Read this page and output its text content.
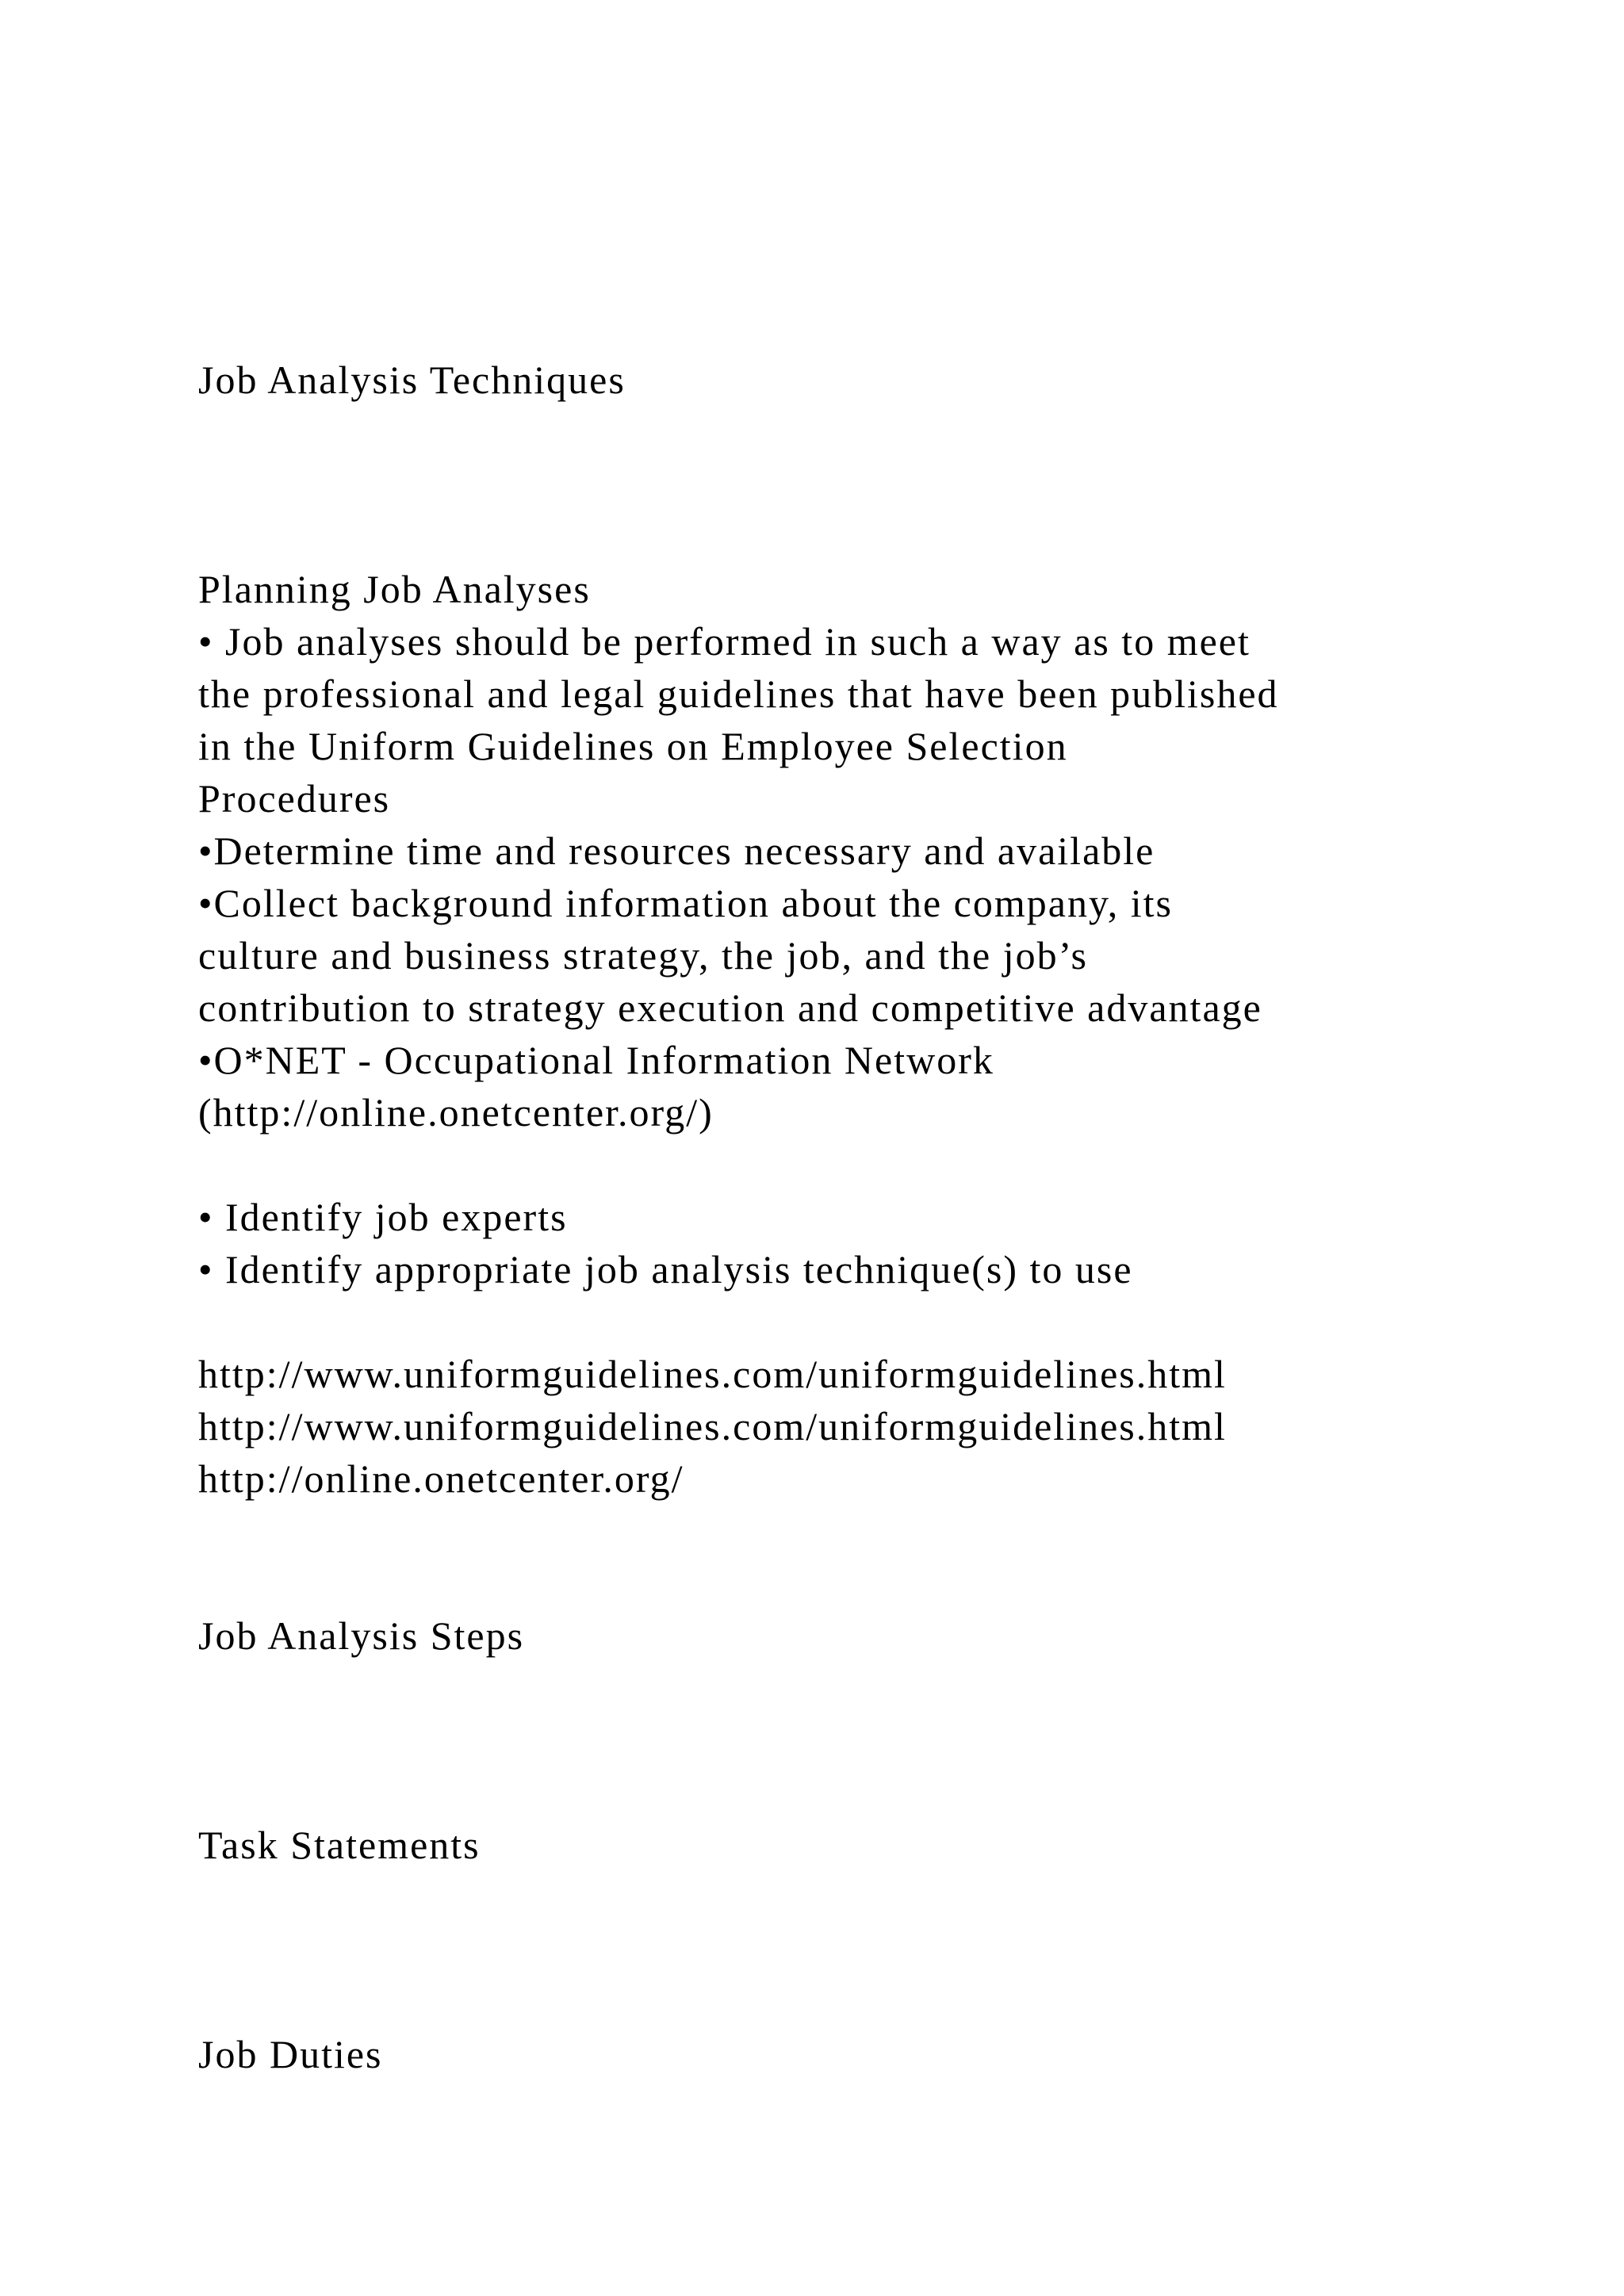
Job Analysis Techniques

Planning Job Analyses

• Job analyses should be performed in such a way as to meet

the professional and legal guidelines that have been published

in the Uniform Guidelines on Employee Selection

Procedures

•Determine time and resources necessary and available

•Collect background information about the company, its

culture and business strategy, the job, and the job’s

contribution to strategy execution and competitive advantage

•O*NET - Occupational Information Network

(http://online.onetcenter.org/)

• Identify job experts

• Identify appropriate job analysis technique(s) to use

http://www.uniformguidelines.com/uniformguidelines.html

http://www.uniformguidelines.com/uniformguidelines.html

http://online.onetcenter.org/

Job Analysis Steps

Task Statements

Job Duties
